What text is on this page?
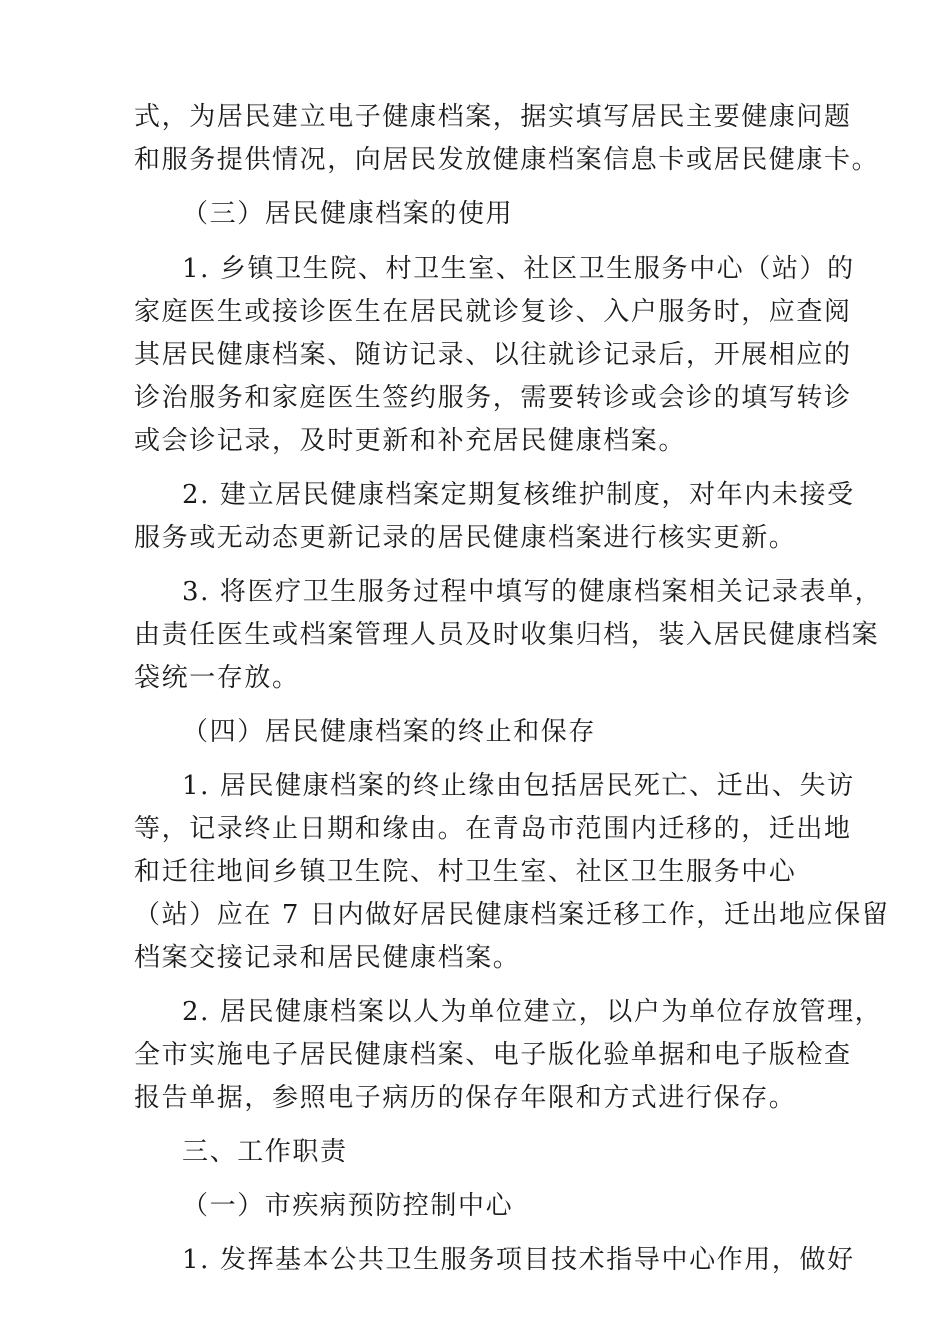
式，为居民建立电子健康档案，据实填写居民主要健康问题
和服务提供情况，向居民发放健康档案信息卡或居民健康卡。
（三）居民健康档案的使用
1. 乡镇卫生院、村卫生室、社区卫生服务中心（站）的
家庭医生或接诊医生在居民就诊复诊、入户服务时，应查阅
其居民健康档案、随访记录、以往就诊记录后，开展相应的
诊治服务和家庭医生签约服务，需要转诊或会诊的填写转诊
或会诊记录，及时更新和补充居民健康档案。
2. 建立居民健康档案定期复核维护制度，对年内未接受
服务或无动态更新记录的居民健康档案进行核实更新。
3. 将医疗卫生服务过程中填写的健康档案相关记录表单，
由责任医生或档案管理人员及时收集归档，装入居民健康档案
袋统一存放。
（四）居民健康档案的终止和保存
1. 居民健康档案的终止缘由包括居民死亡、迁出、失访
等，记录终止日期和缘由。在青岛市范围内迁移的，迁出地
和迁往地间乡镇卫生院、村卫生室、社区卫生服务中心
（站）应在 7 日内做好居民健康档案迁移工作，迁出地应保留
档案交接记录和居民健康档案。
2. 居民健康档案以人为单位建立，以户为单位存放管理，
全市实施电子居民健康档案、电子版化验单据和电子版检查
报告单据，参照电子病历的保存年限和方式进行保存。
三、工作职责
（一）市疾病预防控制中心
1. 发挥基本公共卫生服务项目技术指导中心作用，做好
